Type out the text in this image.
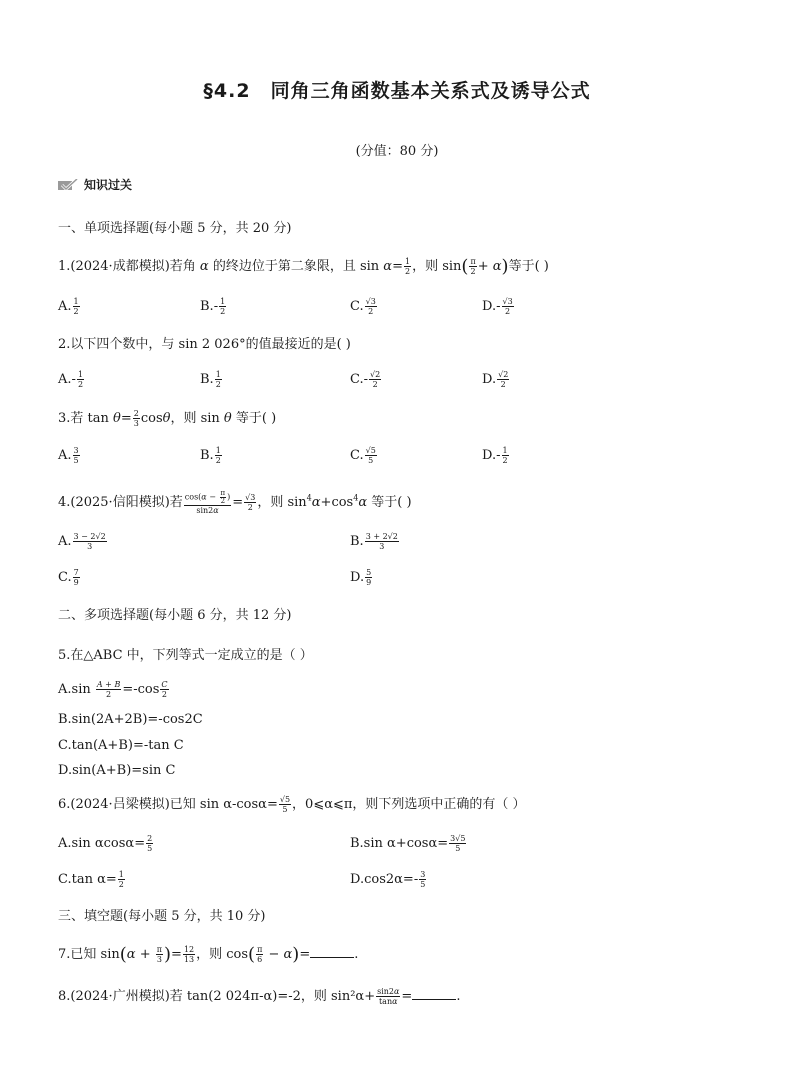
§4.2　同角三角函数基本关系式及诱导公式
(分值：80 分)
知识过关
一、单项选择题(每小题 5 分，共 20 分)
1.(2024·成都模拟)若角 α 的终边位于第二象限，且 $\sin \alpha= \frac{1}{2}$ ，则 $\sin( \frac{\pi}{2} + \alpha)$等于( )
A. $\frac{1}{2}$	$B.- \frac{1}{2}$	C. $\frac{√3}{2}$	$D.- \frac{√3}{2}$
2.以下四个数中，与 sin 2 026°的值最接近的是( )
$A.- \frac{1}{2}$	B. $\frac{1}{2}$	$C.- \frac{√2}{2}$	D. $\frac{√2}{2}$
3.若 $\tan \theta= \frac{2}{3}$ cosθ，则 sin θ 等于( )
A. $\frac{3}{5}$	B. $\frac{1}{2}$	C. $\frac{√5}{5}$	$D.- \frac{1}{2}$
4.(2025·信阳模拟)若 $\frac{\cos(\alpha - \frac{\pi}{2} )}{\sin 2\alpha} = \frac{√3}{2}$ ，则 $\sin^4\alpha+\cos^4\alpha$ 等于( )
A. $\frac{3 - 2√2}{3}$	B. $\frac{3 + 2√2}{3}$
C. $\frac{7}{9}$	D. $\frac{5}{9}$
二、多项选择题(每小题 6 分，共 12 分)
5.在△ABC 中，下列等式一定成立的是（ ）
$A.\sin \frac{A + B}{2} =-\cos \frac{C}{2}$
B.sin(2A+2B)=-cos2C
C.tan(A+B)=-tan C
D.sin(A+B)=sin C
6.(2024·吕梁模拟)已知 $\sin \alpha-\cos\alpha= \frac{√5}{5}$ ，0⩽α⩽π，则下列选项中正确的有（ ）
A.sin $\alpha\cos\alpha= \frac{2}{5}$	B.sin $\alpha+\cos\alpha= \frac{3√5}{5}$
C.tan $\alpha= \frac{1}{2}$	$D.\cos 2\alpha=- \frac{3}{5}$
三、填空题(每小题 5 分，共 10 分)
7.已知 $\sin(\alpha + \frac{\pi}{3}$ )= $\frac{12}{13}$ ，则 $\cos( \frac{\pi}{6} - \alpha)=$	.
8.(2024·广州模拟)若 tan(2 024π-α)=-2，则 $\sin^2\alpha+ \frac{\sin 2\alpha}{\tan\alpha}$ =	.
